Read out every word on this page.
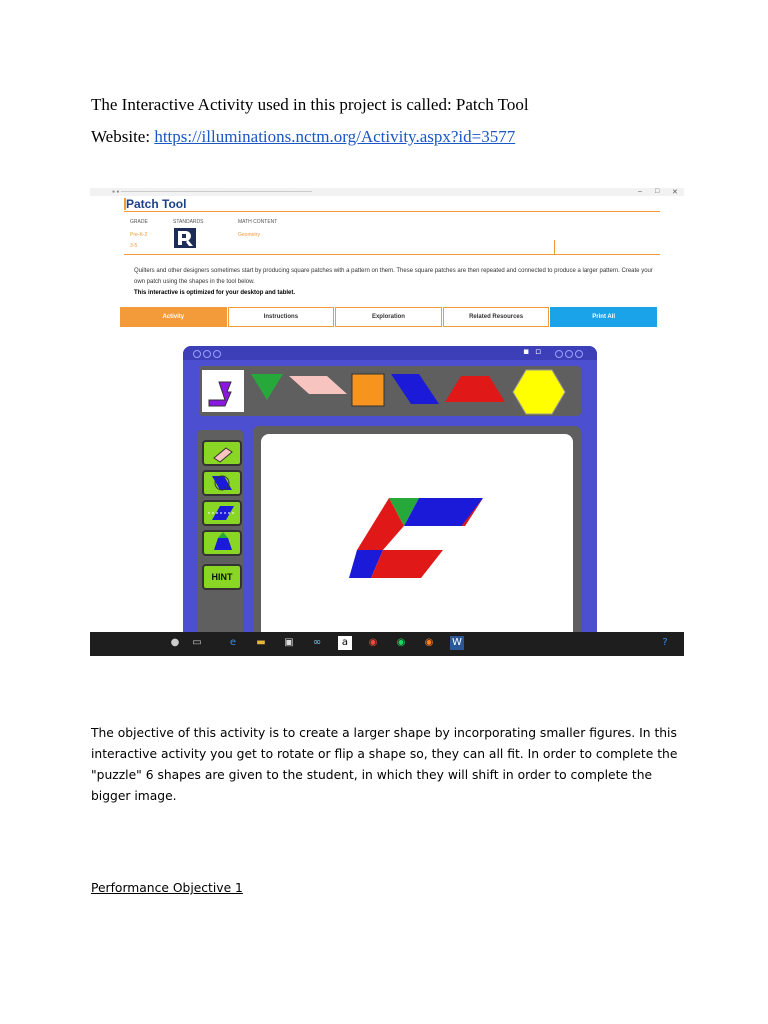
The Interactive Activity used in this project is called: Patch Tool
Website: https://illuminations.nctm.org/Activity.aspx?id=3577
● ● ──────────────────────────────────────────────────────	– □ ✕
Patch Tool
GRADE
Pre-K-2
3-5
STANDARDS	MATH CONTENT
Geometry
Quilters and other designers sometimes start by producing square patches with a pattern on them. These square patches are then repeated and connected to produce a larger pattern. Create your own patch using the shapes in the tool below.
This interactive is optimized for your desktop and tablet.
Activity	Instructions	Exploration	Related Resources	Print All
▪ ▫
HINT
● ▭	e	▬ ▣ ∞	a	◉ ◉ ◉ W	?
The objective of this activity is to create a larger shape by incorporating smaller figures. In this interactive activity you get to rotate or flip a shape so, they can all fit. In order to complete the "puzzle" 6 shapes are given to the student, in which they will shift in order to complete the bigger image.
Performance Objective 1
